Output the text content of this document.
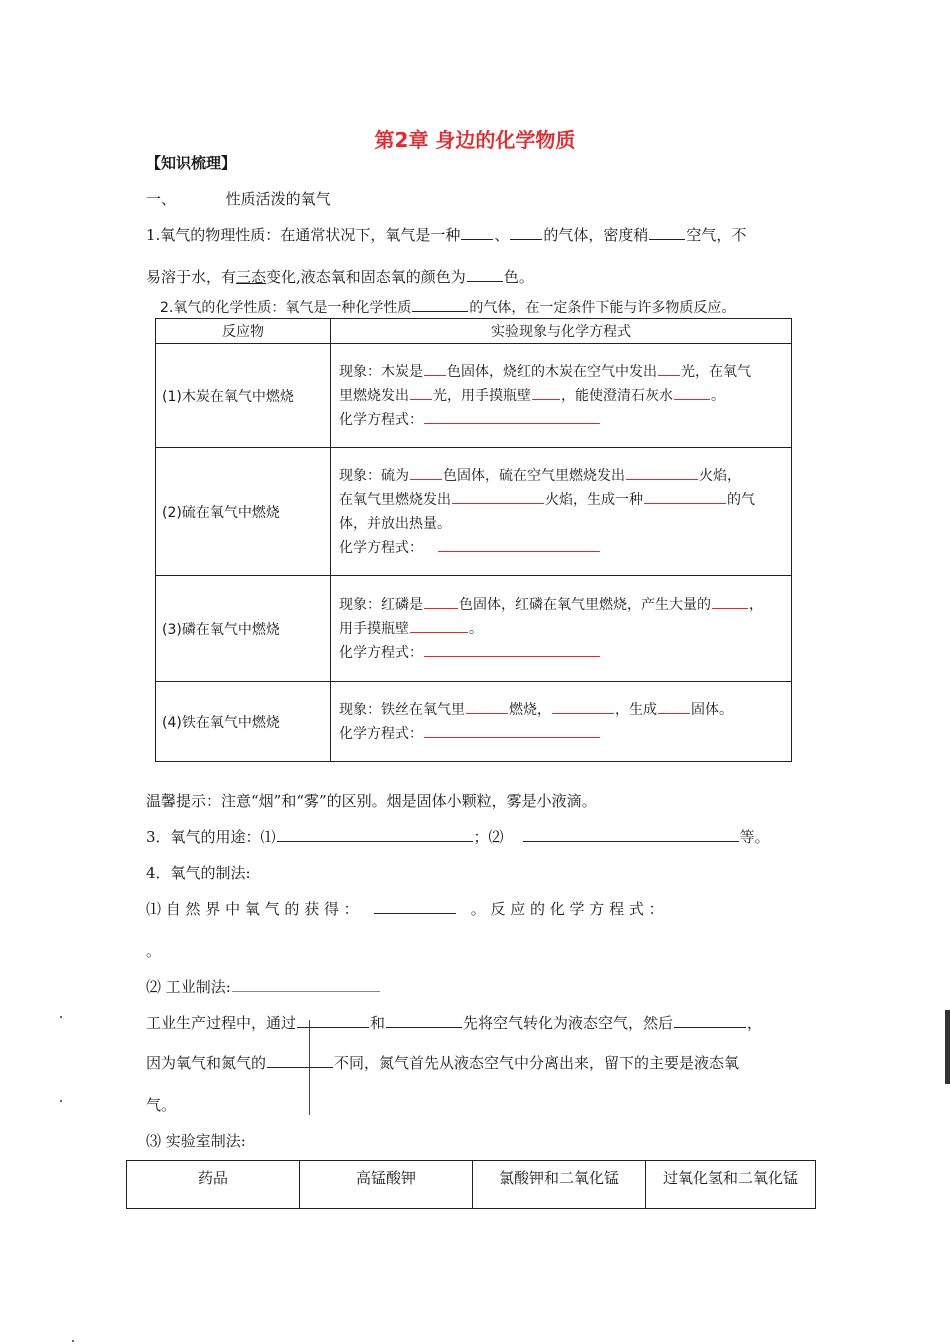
第2章 身边的化学物质
【知识梳理】
一、	性质活泼的氧气
1.氧气的物理性质：在通常状况下，氧气是一种 、 的气体，密度稍	空气，不
易溶于水，有三态变化,液态氧和固态氧的颜色为	色。
2.氧气的化学性质：氧气是一种化学性质	的气体，在一定条件下能与许多物质反应。
反应物	实验现象与化学方程式
(1)木炭在氧气中燃烧	现象：木炭是 色固体，烧红的木炭在空气中发出 光，在氧气
里燃烧发出 光，用手摸瓶壁 ，能使澄清石灰水 。
化学方程式：

(2)硫在氧气中燃烧	现象：硫为 色固体，硫在空气里燃烧发出 火焰，
在氧气里燃烧发出 火焰，生成一种 的气
体，并放出热量。
化学方程式：

(3)磷在氧气中燃烧	现象：红磷是 色固体，红磷在氧气里燃烧，产生大量的 ，
用手摸瓶壁 。
化学方程式：

(4)铁在氧气中燃烧	现象：铁丝在氧气里 燃烧， ，生成 固体。
化学方程式：
温馨提示：注意“烟”和“雾”的区别。烟是固体小颗粒，雾是小液滴。
3．氧气的用途：⑴	；⑵	等。
4．氧气的制法:
⑴ 自 然 界 中 氧 气 的 获 得 ：	。 反 应 的 化 学 方 程 式 ：
。
⑵ 工业制法:
工业生产过程中，通过	和	先将空气转化为液态空气，然后	，
因为氧气和氮气的	不同，氮气首先从液态空气中分离出来，留下的主要是液态氧
气。
⑶ 实验室制法:
药品	高锰酸钾	氯酸钾和二氧化锰	过氧化氢和二氧化锰
